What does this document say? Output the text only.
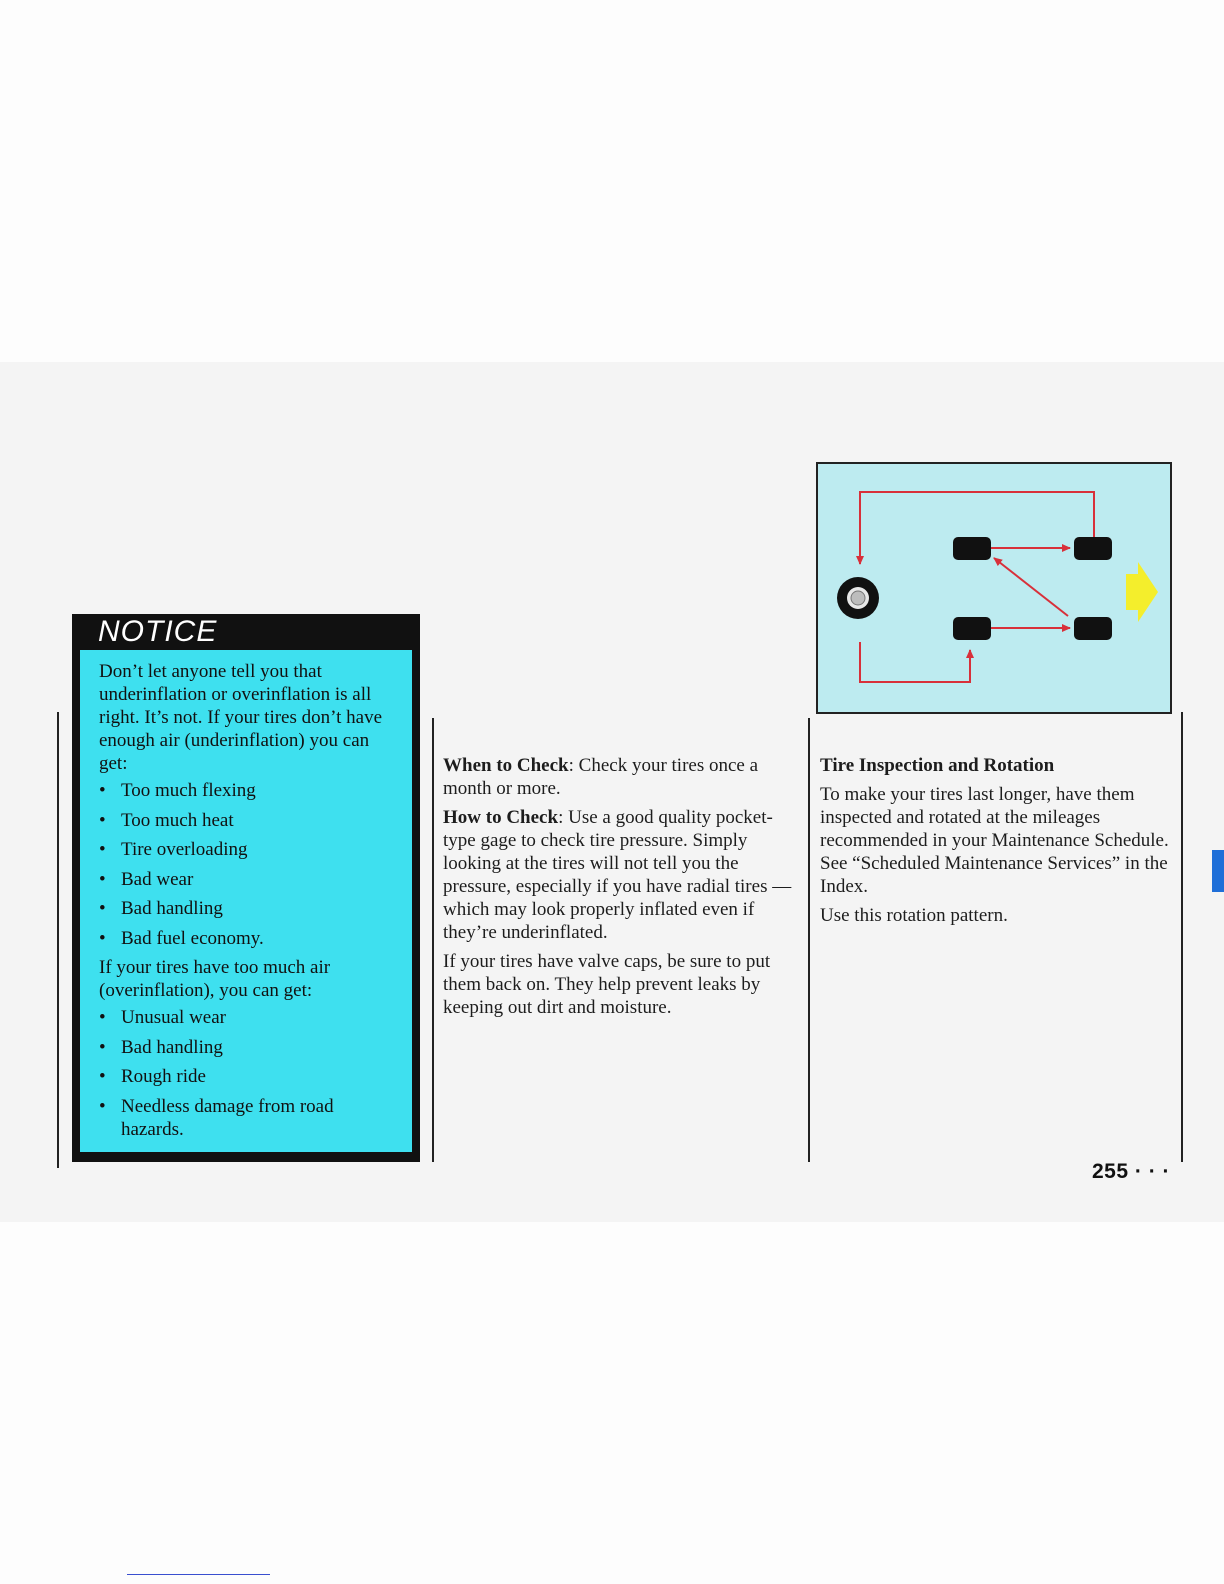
NOTICE

Don’t let anyone tell you that underinflation or overinflation is all right. It’s not. If your tires don’t have enough air (underinflation) you can get:

• Too much flexing
• Too much heat
• Tire overloading
• Bad wear
• Bad handling
• Bad fuel economy.

If your tires have too much air (overinflation), you can get:

• Unusual wear
• Bad handling
• Rough ride
• Needless damage from road hazards.

When to Check: Check your tires once a month or more.

How to Check: Use a good quality pocket-type gage to check tire pressure. Simply looking at the tires will not tell you the pressure, especially if you have radial tires — which may look properly inflated even if they’re underinflated.

If your tires have valve caps, be sure to put them back on. They help prevent leaks by keeping out dirt and moisture.

Tire Inspection and Rotation

To make your tires last longer, have them inspected and rotated at the mileages recommended in your Maintenance Schedule. See “Scheduled Maintenance Services” in the Index.

Use this rotation pattern.

255 · · ·
